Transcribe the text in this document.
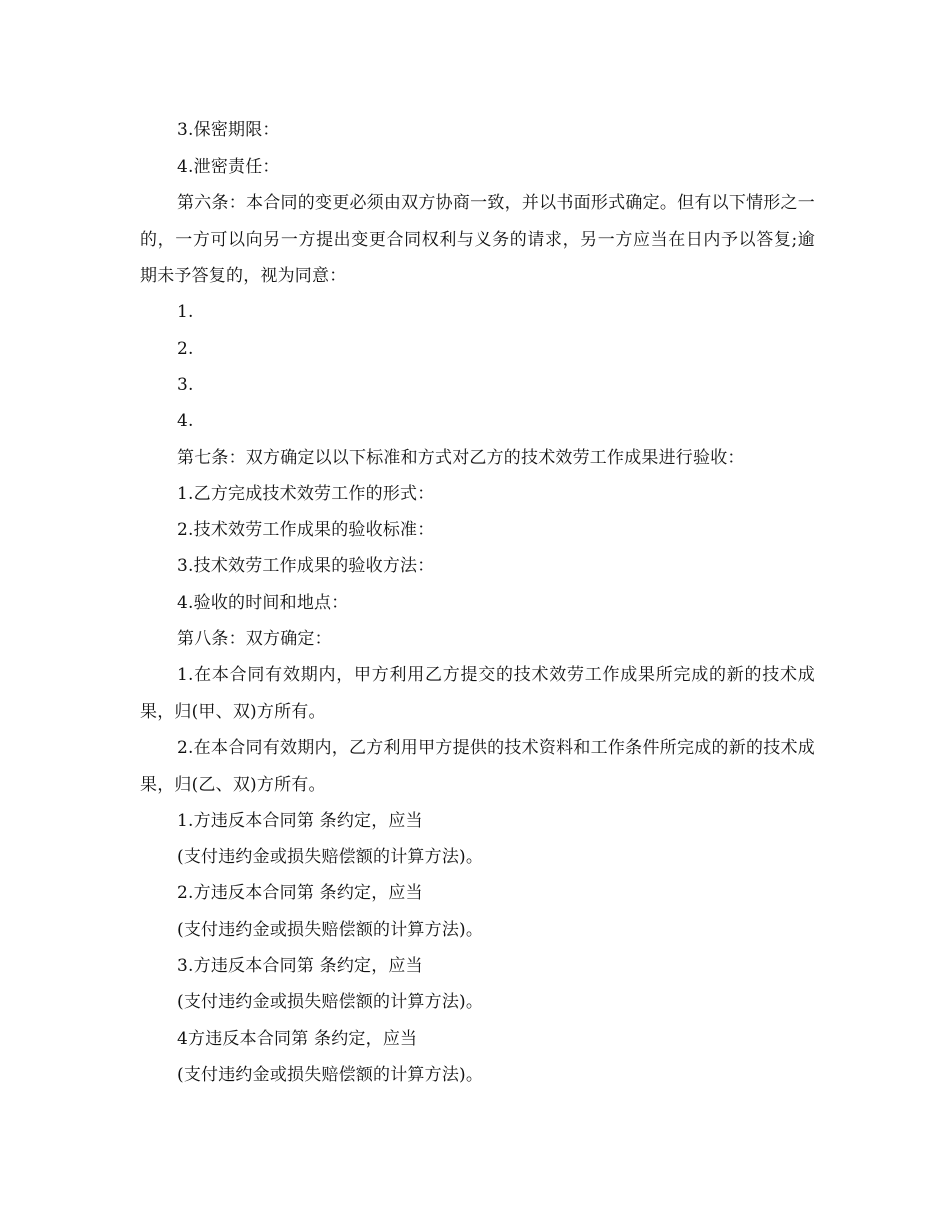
3.保密期限：
4.泄密责任：
第六条：本合同的变更必须由双方协商一致，并以书面形式确定。但有以下情形之一的，一方可以向另一方提出变更合同权利与义务的请求，另一方应当在日内予以答复;逾期未予答复的，视为同意：
1.
2.
3.
4.
第七条：双方确定以以下标准和方式对乙方的技术效劳工作成果进行验收：
1.乙方完成技术效劳工作的形式：
2.技术效劳工作成果的验收标准：
3.技术效劳工作成果的验收方法：
4.验收的时间和地点：
第八条：双方确定：
1.在本合同有效期内，甲方利用乙方提交的技术效劳工作成果所完成的新的技术成果，归(甲、双)方所有。
2.在本合同有效期内，乙方利用甲方提供的技术资料和工作条件所完成的新的技术成果，归(乙、双)方所有。
1.方违反本合同第 条约定，应当
(支付违约金或损失赔偿额的计算方法)。
2.方违反本合同第 条约定，应当
(支付违约金或损失赔偿额的计算方法)。
3.方违反本合同第 条约定，应当
(支付违约金或损失赔偿额的计算方法)。
4方违反本合同第 条约定，应当
(支付违约金或损失赔偿额的计算方法)。
